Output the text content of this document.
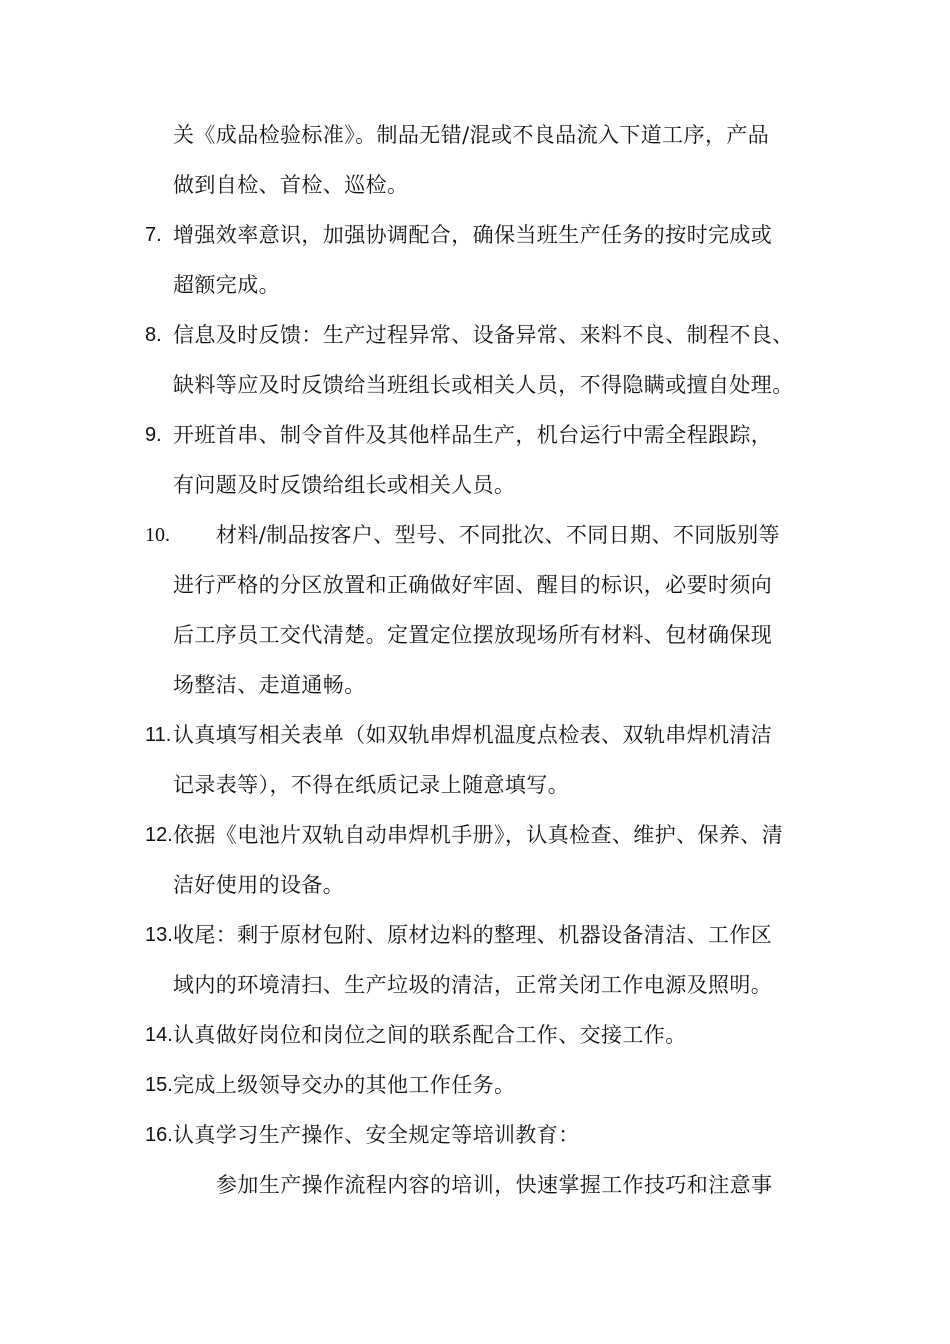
关《成品检验标准》。制品无错/混或不良品流入下道工序，产品
做到自检、首检、巡检。
7. 增强效率意识，加强协调配合，确保当班生产任务的按时完成或
超额完成。
8. 信息及时反馈：生产过程异常、设备异常、来料不良、制程不良、
缺料等应及时反馈给当班组长或相关人员，不得隐瞒或擅自处理。
9. 开班首串、制令首件及其他样品生产，机台运行中需全程跟踪，
有问题及时反馈给组长或相关人员。
10. 材料/制品按客户、型号、不同批次、不同日期、不同版别等
进行严格的分区放置和正确做好牢固、醒目的标识，必要时须向
后工序员工交代清楚。定置定位摆放现场所有材料、包材确保现
场整洁、走道通畅。
11. 认真填写相关表单（如双轨串焊机温度点检表、双轨串焊机清洁
记录表等），不得在纸质记录上随意填写。
12. 依据《电池片双轨自动串焊机手册》，认真检查、维护、保养、清
洁好使用的设备。
13. 收尾：剩于原材包附、原材边料的整理、机器设备清洁、工作区
域内的环境清扫、生产垃圾的清洁，正常关闭工作电源及照明。
14. 认真做好岗位和岗位之间的联系配合工作、交接工作。
15. 完成上级领导交办的其他工作任务。
16. 认真学习生产操作、安全规定等培训教育：
参加生产操作流程内容的培训，快速掌握工作技巧和注意事
